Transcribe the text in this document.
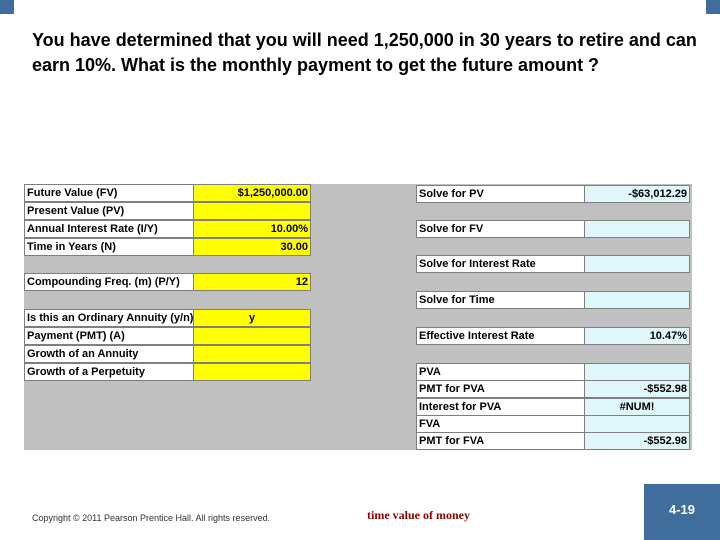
You have determined that you will need 1,250,000 in 30 years to retire and can earn 10%. What is the monthly payment to get the future amount ?
Future Value (FV)	$1,250,000.00
Present Value (PV)
Annual Interest Rate (I/Y)	10.00%
Time in Years (N)	30.00
Compounding Freq. (m) (P/Y)	12
Is this an Ordinary Annuity (y/n)	y
Payment (PMT) (A)
Growth of an Annuity
Growth of a Perpetuity
Solve for PV	-$63,012.29
Solve for FV
Solve for Interest Rate
Solve for Time
Effective Interest Rate	10.47%
PVA
PMT for PVA	-$552.98
Interest for PVA	#NUM!
FVA
PMT for FVA	-$552.98
Copyright © 2011 Pearson Prentice Hall. All rights reserved.	time value of money	4-19
